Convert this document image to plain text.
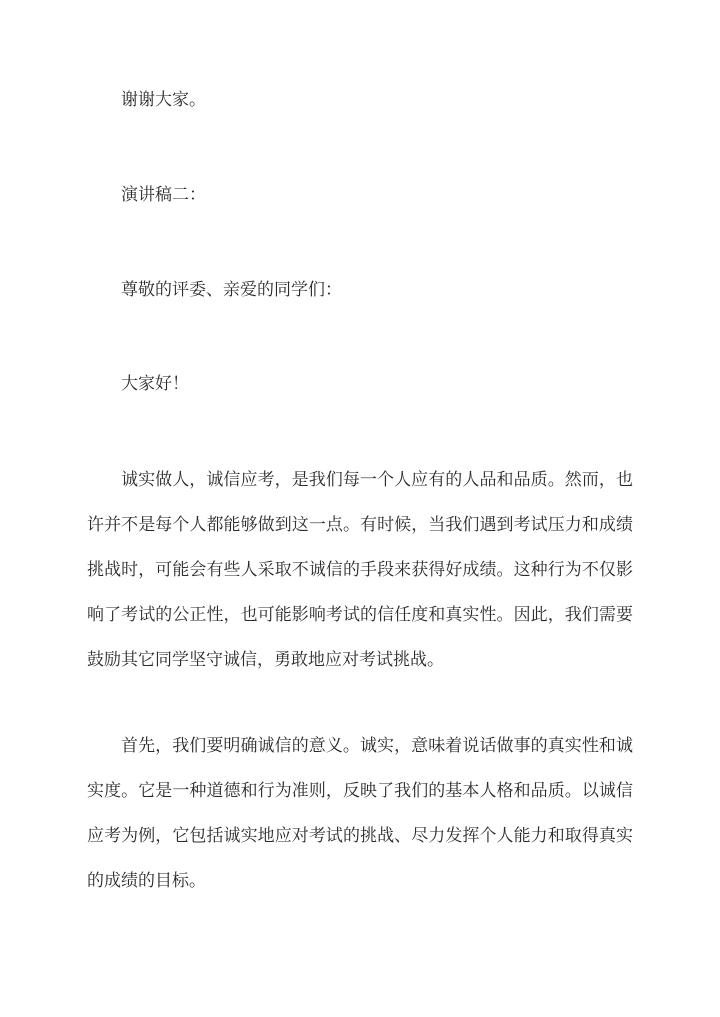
谢谢大家。

演讲稿二：

尊敬的评委、亲爱的同学们：

大家好！

诚实做人，诚信应考，是我们每一个人应有的人品和品质。然而，也许并不是每个人都能够做到这一点。有时候，当我们遇到考试压力和成绩挑战时，可能会有些人采取不诚信的手段来获得好成绩。这种行为不仅影响了考试的公正性，也可能影响考试的信任度和真实性。因此，我们需要鼓励其它同学坚守诚信，勇敢地应对考试挑战。

首先，我们要明确诚信的意义。诚实，意味着说话做事的真实性和诚实度。它是一种道德和行为准则，反映了我们的基本人格和品质。以诚信应考为例，它包括诚实地应对考试的挑战、尽力发挥个人能力和取得真实的成绩的目标。
